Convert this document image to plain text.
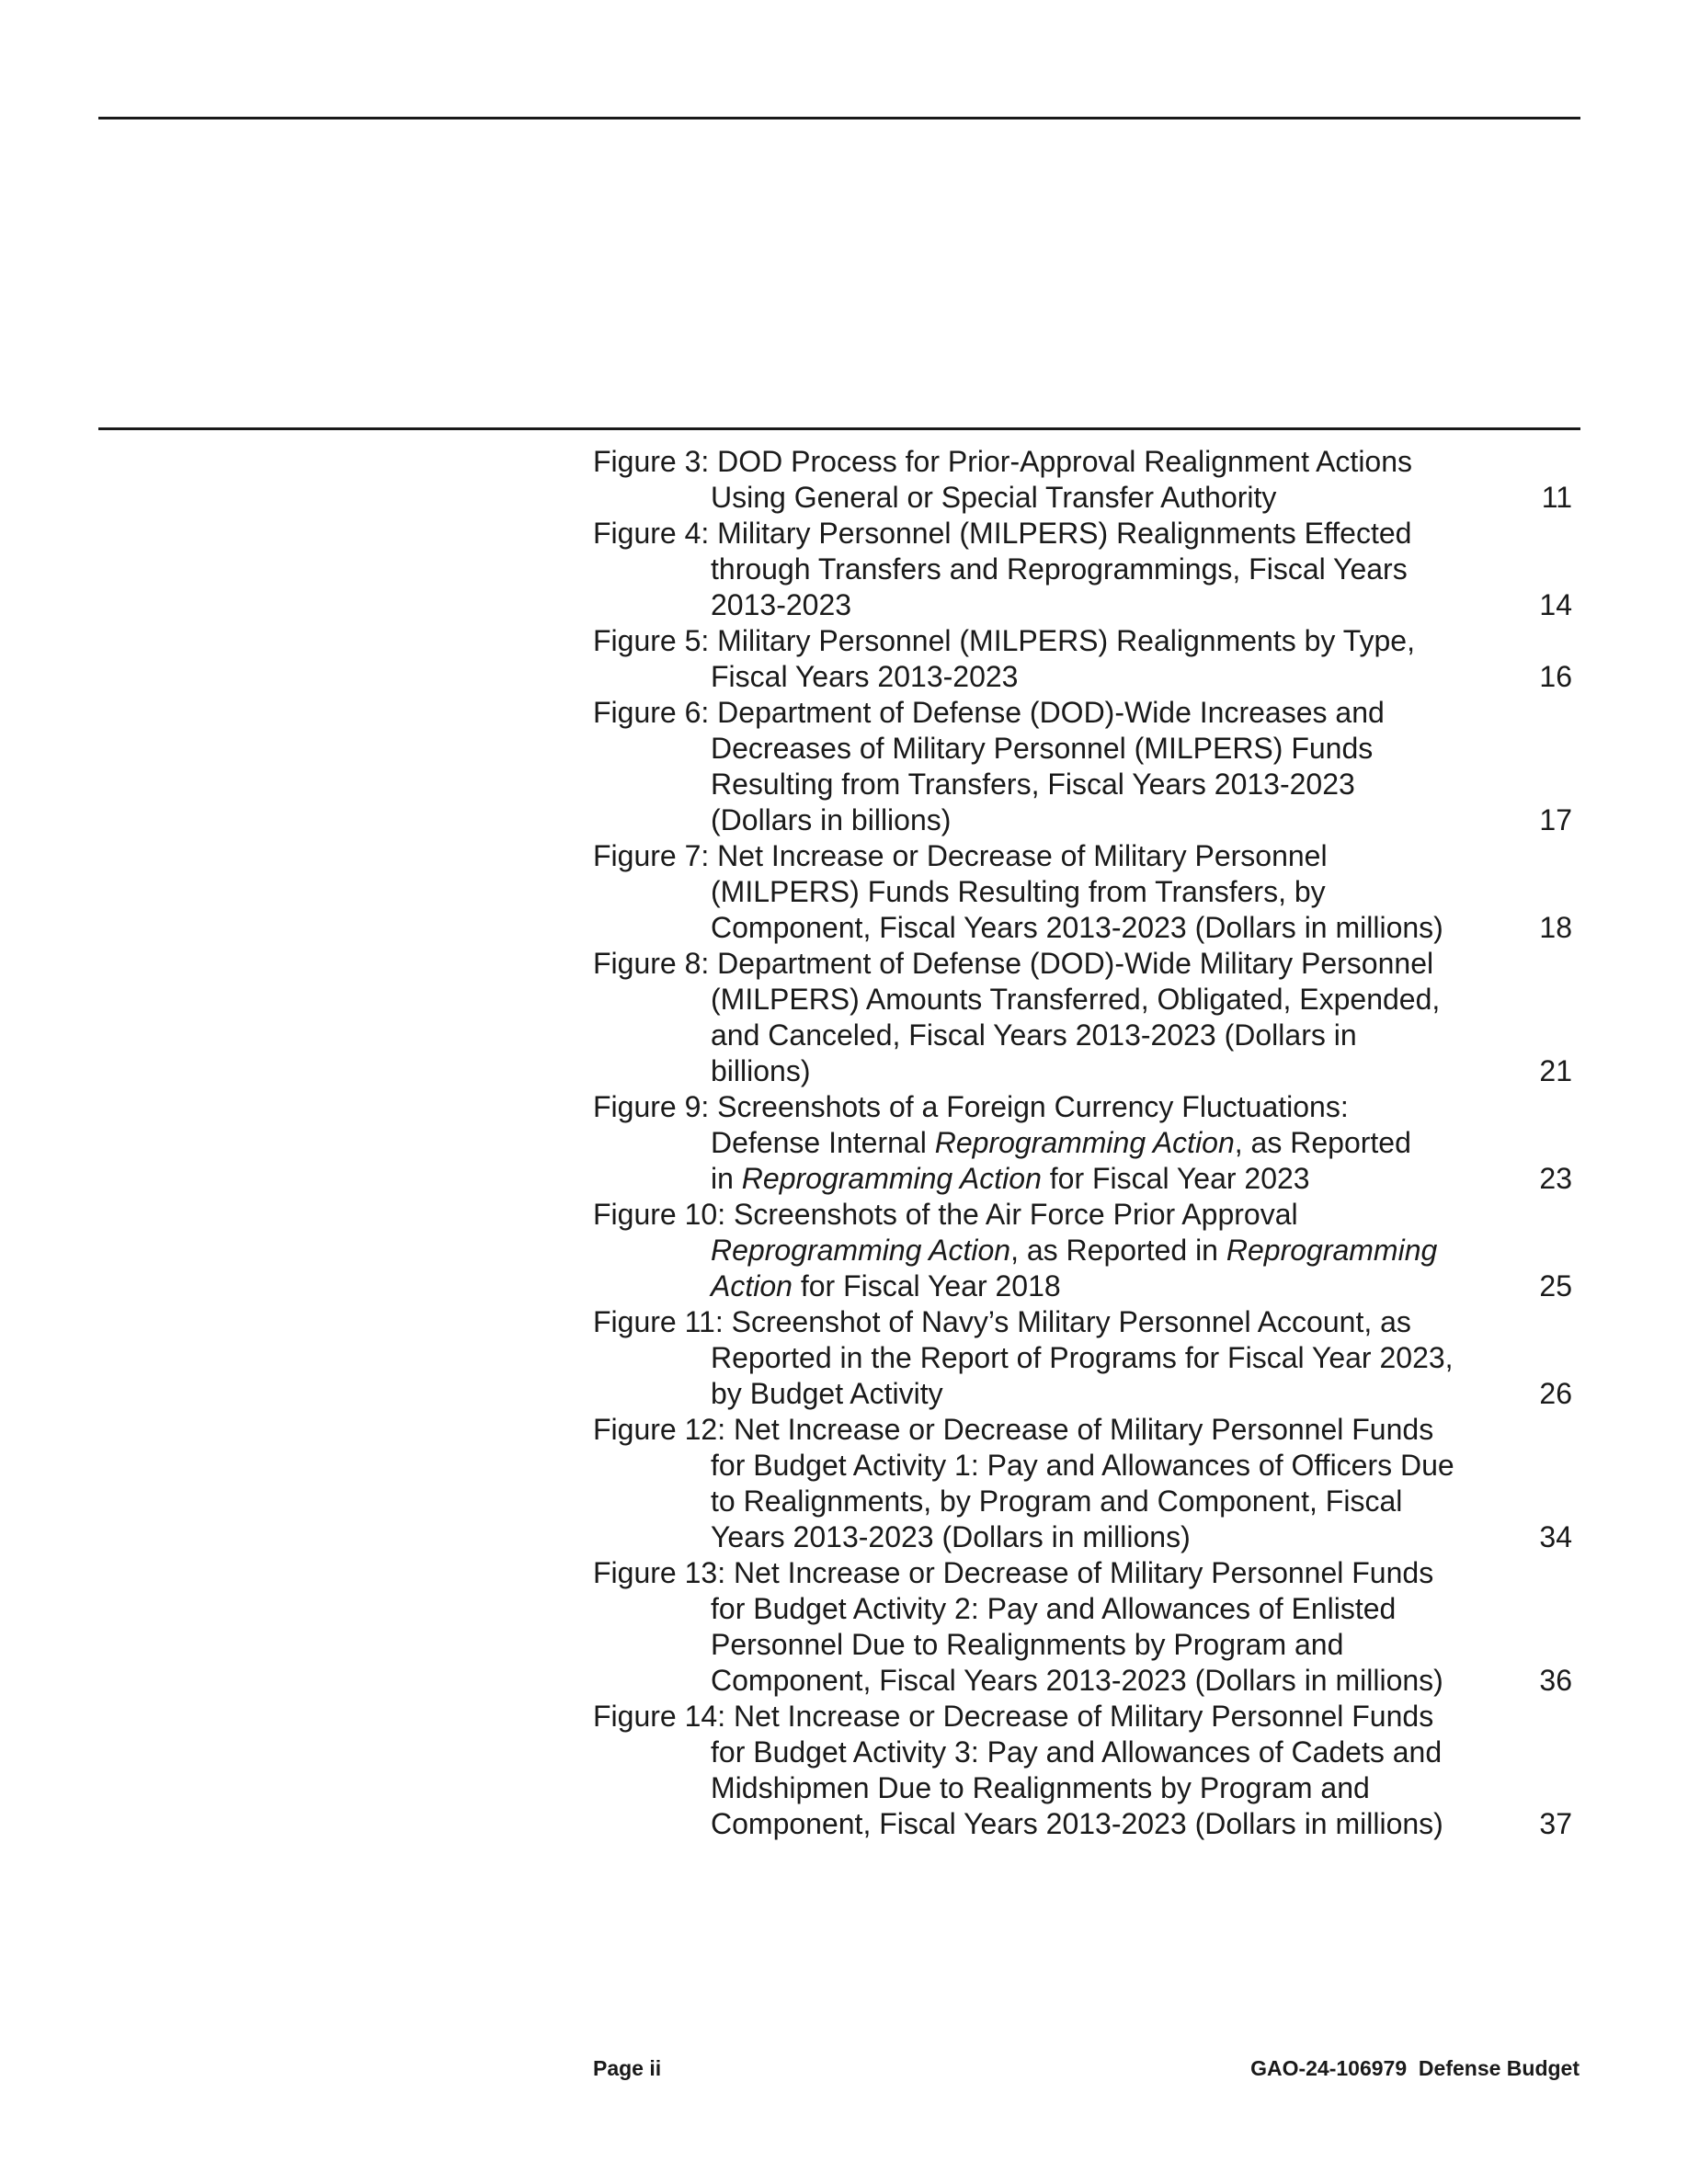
Figure 3: DOD Process for Prior-Approval Realignment Actions
Using General or Special Transfer Authority	11
Figure 4: Military Personnel (MILPERS) Realignments Effected
through Transfers and Reprogrammings, Fiscal Years
2013-2023	14
Figure 5: Military Personnel (MILPERS) Realignments by Type,
Fiscal Years 2013-2023	16
Figure 6: Department of Defense (DOD)-Wide Increases and
Decreases of Military Personnel (MILPERS) Funds
Resulting from Transfers, Fiscal Years 2013-2023
(Dollars in billions)	17
Figure 7: Net Increase or Decrease of Military Personnel
(MILPERS) Funds Resulting from Transfers, by
Component, Fiscal Years 2013-2023 (Dollars in millions)	18
Figure 8: Department of Defense (DOD)-Wide Military Personnel
(MILPERS) Amounts Transferred, Obligated, Expended,
and Canceled, Fiscal Years 2013-2023 (Dollars in
billions)	21
Figure 9: Screenshots of a Foreign Currency Fluctuations:
Defense Internal Reprogramming Action, as Reported
in Reprogramming Action for Fiscal Year 2023	23
Figure 10: Screenshots of the Air Force Prior Approval
Reprogramming Action, as Reported in Reprogramming
Action for Fiscal Year 2018	25
Figure 11: Screenshot of Navy’s Military Personnel Account, as
Reported in the Report of Programs for Fiscal Year 2023,
by Budget Activity	26
Figure 12: Net Increase or Decrease of Military Personnel Funds
for Budget Activity 1: Pay and Allowances of Officers Due
to Realignments, by Program and Component, Fiscal
Years 2013-2023 (Dollars in millions)	34
Figure 13: Net Increase or Decrease of Military Personnel Funds
for Budget Activity 2: Pay and Allowances of Enlisted
Personnel Due to Realignments by Program and
Component, Fiscal Years 2013-2023 (Dollars in millions)	36
Figure 14: Net Increase or Decrease of Military Personnel Funds
for Budget Activity 3: Pay and Allowances of Cadets and
Midshipmen Due to Realignments by Program and
Component, Fiscal Years 2013-2023 (Dollars in millions)	37
Page ii	GAO-24-106979  Defense Budget
